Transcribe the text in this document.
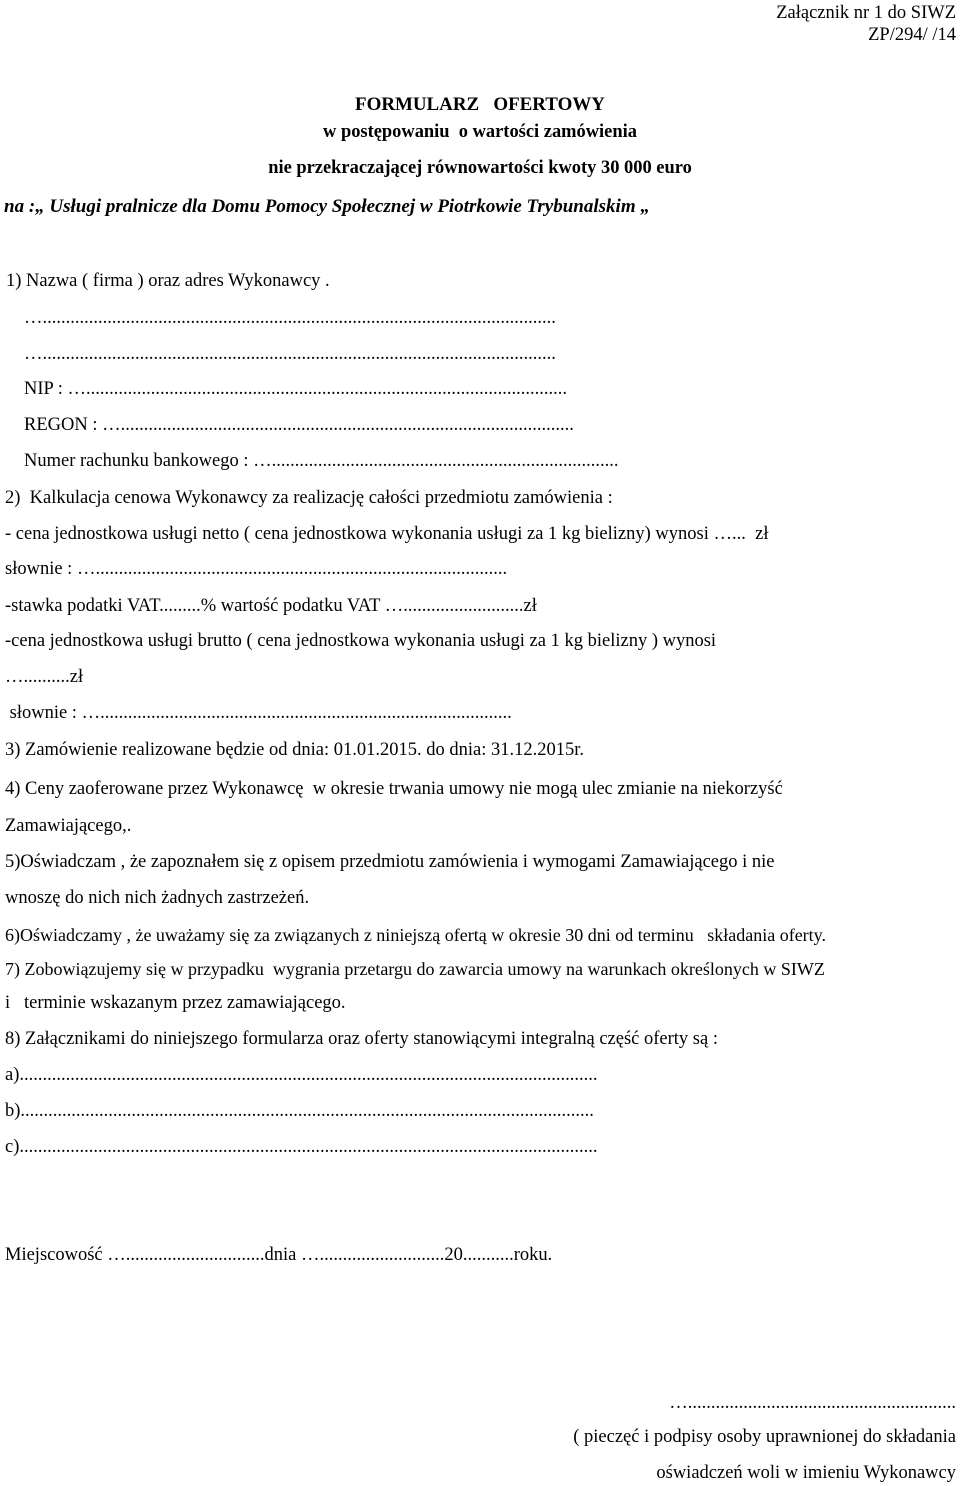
Załącznik nr 1 do SIWZ
ZP/294/ /14
FORMULARZ   OFERTOWY
w postępowaniu  o wartości zamówienia
nie przekraczającej równowartości kwoty 30 000 euro
na :„ Usługi pralnicze dla Domu Pomocy Społecznej w Piotrkowie Trybunalskim „
1) Nazwa ( firma ) oraz adres Wykonawcy .
…...............................................................................................................
…...............................................................................................................
NIP : …........................................................................................................
REGON : …..................................................................................................
Numer rachunku bankowego : …...........................................................................
2)  Kalkulacja cenowa Wykonawcy za realizację całości przedmiotu zamówienia :
- cena jednostkowa usługi netto ( cena jednostkowa wykonania usługi za 1 kg bielizny) wynosi …...  zł
słownie : ….........................................................................................
-stawka podatki VAT.........% wartość podatku VAT …..........................zł
-cena jednostkowa usługi brutto ( cena jednostkowa wykonania usługi za 1 kg bielizny ) wynosi
…..........zł
słownie : ….........................................................................................
3) Zamówienie realizowane będzie od dnia: 01.01.2015. do dnia: 31.12.2015r.
4) Ceny zaoferowane przez Wykonawcę  w okresie trwania umowy nie mogą ulec zmianie na niekorzyść
Zamawiającego,.
5)Oświadczam , że zapoznałem się z opisem przedmiotu zamówienia i wymogami Zamawiającego i nie
wnoszę do nich nich żadnych zastrzeżeń.
6)Oświadczamy , że uważamy się za związanych z niniejszą ofertą w okresie 30 dni od terminu   składania oferty.
7) Zobowiązujemy się w przypadku  wygrania przetargu do zawarcia umowy na warunkach określonych w SIWZ
i   terminie wskazanym przez zamawiającego.
8) Załącznikami do niniejszego formularza oraz oferty stanowiącymi integralną część oferty są :
a).............................................................................................................................
b)............................................................................................................................
c).............................................................................................................................
Miejscowość …..............................dnia …...........................20...........roku.
…..........................................................
( pieczęć i podpisy osoby uprawnionej do składania
oświadczeń woli w imieniu Wykonawcy
